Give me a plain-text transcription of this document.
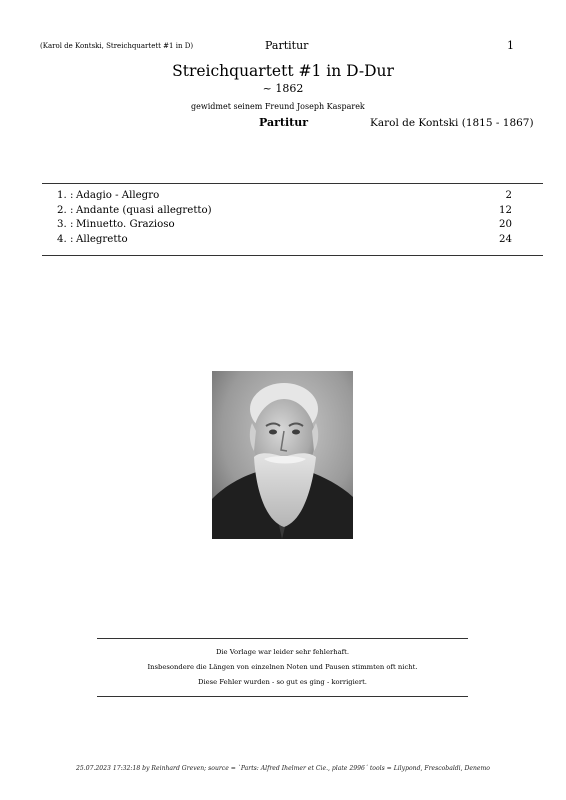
(Karol de Kontski, Streichquartett #1 in D)	Partitur	1
Streichquartett #1 in D-Dur
~ 1862
gewidmet seinem Freund Joseph Kasparek
Partitur	Karol de Kontski (1815 - 1867)
1. : Adagio - Allegro	2
2. : Andante (quasi allegretto)	12
3. : Minuetto. Grazioso	20
4. : Allegretto	24
Die Vorlage war leider sehr fehlerhaft.
Insbesondere die Längen von einzelnen Noten und Pausen stimmten oft nicht.
Diese Fehler wurden - so gut es ging - korrigiert.
25.07.2023 17:32:18 by Reinhard Greven; source = `Parts: Alfred Ihelmer et Cie., plate 2996´ tools = Lilypond, Frescobaldi, Denemo
